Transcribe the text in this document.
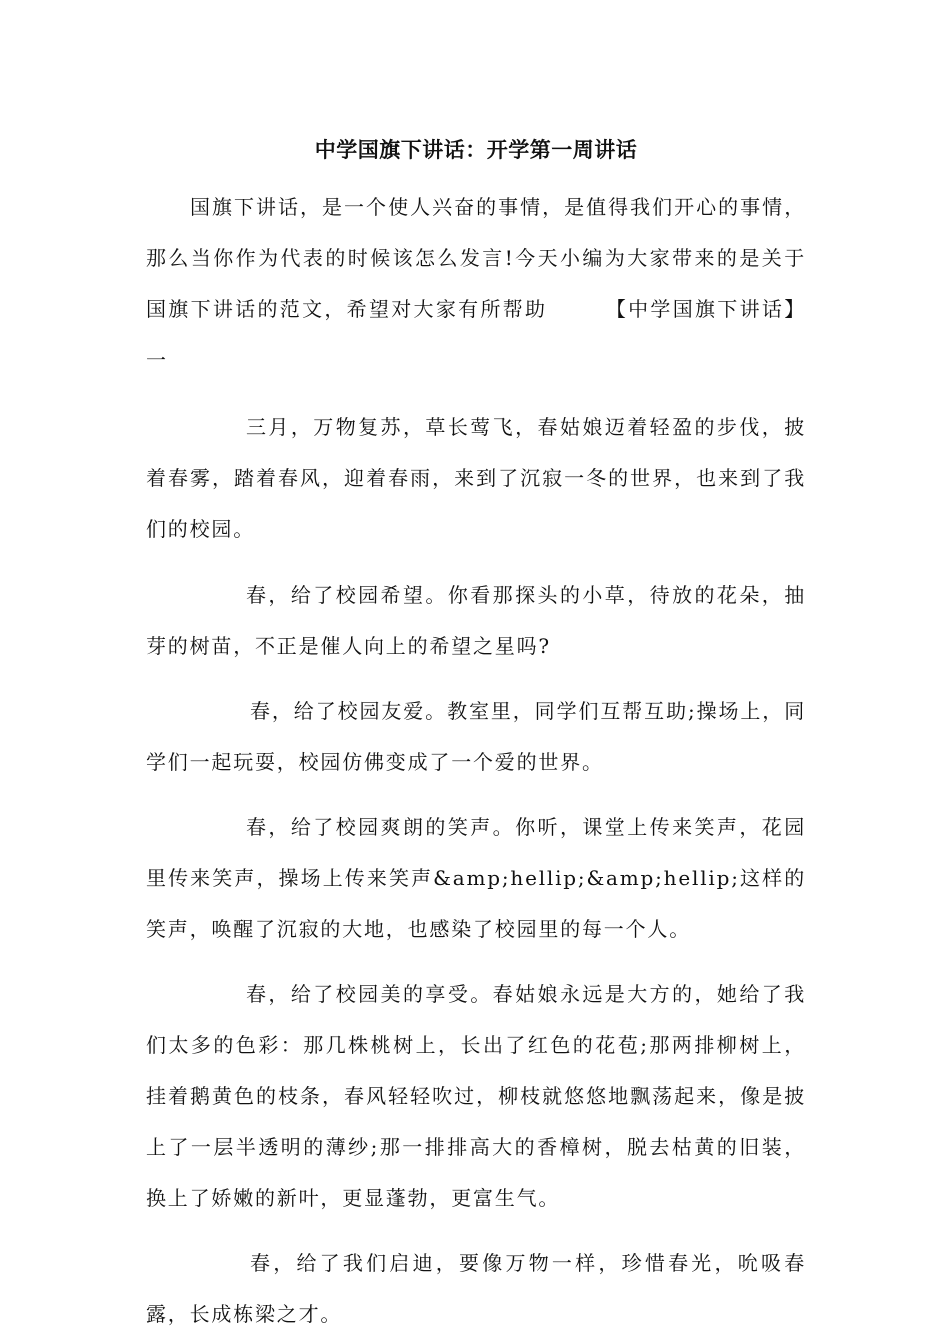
中学国旗下讲话：开学第一周讲话

国旗下讲话，是一个使人兴奋的事情，是值得我们开心的事情，那么当你作为代表的时候该怎么发言!今天小编为大家带来的是关于国旗下讲话的范文，希望对大家有所帮助	【中学国旗下讲话】一

三月，万物复苏，草长莺飞，春姑娘迈着轻盈的步伐，披着春雾，踏着春风，迎着春雨，来到了沉寂一冬的世界，也来到了我们的校园。

春，给了校园希望。你看那探头的小草，待放的花朵，抽芽的树苗，不正是催人向上的希望之星吗?

春，给了校园友爱。教室里，同学们互帮互助;操场上，同学们一起玩耍，校园仿佛变成了一个爱的世界。

春，给了校园爽朗的笑声。你听，课堂上传来笑声，花园里传来笑声，操场上传来笑声&amp;hellip;&amp;hellip;这样的笑声，唤醒了沉寂的大地，也感染了校园里的每一个人。

春，给了校园美的享受。春姑娘永远是大方的，她给了我们太多的色彩：那几株桃树上，长出了红色的花苞;那两排柳树上，挂着鹅黄色的枝条，春风轻轻吹过，柳枝就悠悠地飘荡起来，像是披上了一层半透明的薄纱;那一排排高大的香樟树，脱去枯黄的旧装，换上了娇嫩的新叶，更显蓬勃，更富生气。

春，给了我们启迪，要像万物一样，珍惜春光，吮吸春露，长成栋梁之才。
